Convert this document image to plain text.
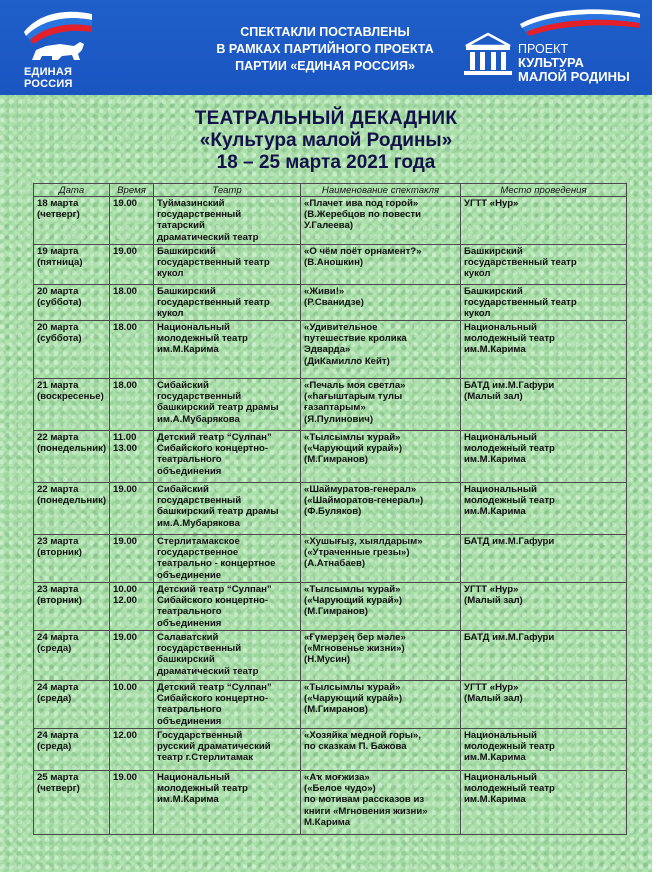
ЕДИНАЯ
РОССИЯ
СПЕКТАКЛИ ПОСТАВЛЕНЫ
В РАМКАХ ПАРТИЙНОГО ПРОЕКТА
ПАРТИИ «ЕДИНАЯ РОССИЯ»
ПРОЕКТ
КУЛЬТУРА
МАЛОЙ РОДИНЫ
ТЕАТРАЛЬНЫЙ ДЕКАДНИК
«Культура малой Родины»
18 – 25 марта 2021 года
Дата	Время	Театр	Наименование спектакля	Место проведения
18 марта
(четверг)	19.00	Туймазинский
государственный
татарский
драматический театр	«Плачет ива под горой»
(В.Жеребцов по повести
У.Галеева)	УГТТ «Нур»
19 марта
(пятница)	19.00	Башкирский
государственный театр
кукол	«О чём поёт орнамент?»
(В.Аношкин)	Башкирский
государственный театр
кукол
20 марта
(суббота)	18.00	Башкирский
государственный театр
кукол	«Живи!»
(Р.Сванидзе)	Башкирский
государственный театр
кукол
20 марта
(суббота)	18.00	Национальный
молодежный театр
им.М.Карима	«Удивительное
путешествие кролика
Эдварда»
(ДиКамилло Кейт)	Национальный
молодежный театр
им.М.Карима
21 марта
(воскресенье)	18.00	Сибайский
государственный
башкирский театр драмы
им.А.Мубарякова	«Печаль моя светла»
(«һағыштарым тулы
ғазаптарым»
(Я.Пулинович)	БАТД им.М.Гафури
(Малый зал)
22 марта
(понедельник)	11.00
13.00	Детский театр “Сулпан”
Сибайского концертно-
театрального
объединения	«Тылсымлы ҡурай»
(«Чарующий курай»)
(М.Гимранов)	Национальный
молодежный театр
им.М.Карима
22 марта
(понедельник)	19.00	Сибайский
государственный
башкирский театр драмы
им.А.Мубарякова	«Шаймуратов-генерал»
(«Шайморатов-генерал»)
(Ф.Буляков)	Национальный
молодежный театр
им.М.Карима
23 марта
(вторник)	19.00	Стерлитамакское
государственное
театрально - концертное
объединение	«Хушығыҙ, хыялдарым»
(«Утраченные грезы»)
(А.Атнабаев)	БАТД им.М.Гафури
23 марта
(вторник)	10.00
12.00	Детский театр “Сулпан”
Сибайского концертно-
театрального
объединения	«Тылсымлы ҡурай»
(«Чарующий курай»)
(М.Гимранов)	УГТТ «Нур»
(Малый зал)
24 марта
(среда)	19.00	Салаватский
государственный
башкирский
драматический театр	«Ғүмерҙең бер мәле»
(«Мгновенье жизни»)
(Н.Мусин)	БАТД им.М.Гафури
24 марта
(среда)	10.00	Детский театр “Сулпан”
Сибайского концертно-
театрального
объединения	«Тылсымлы ҡурай»
(«Чарующий курай»)
(М.Гимранов)	УГТТ «Нур»
(Малый зал)
24 марта
(среда)	12.00	Государственный
русский драматический
театр г.Стерлитамак	«Хозяйка медной горы»,
по сказкам П. Бажова	Национальный
молодежный театр
им.М.Карима
25 марта
(четверг)	19.00	Национальный
молодежный театр
им.М.Карима	«Аҡ моғжиза»
(«Белое чудо»)
по мотивам рассказов из
книги «Мгновения жизни»
М.Карима	Национальный
молодежный театр
им.М.Карима
